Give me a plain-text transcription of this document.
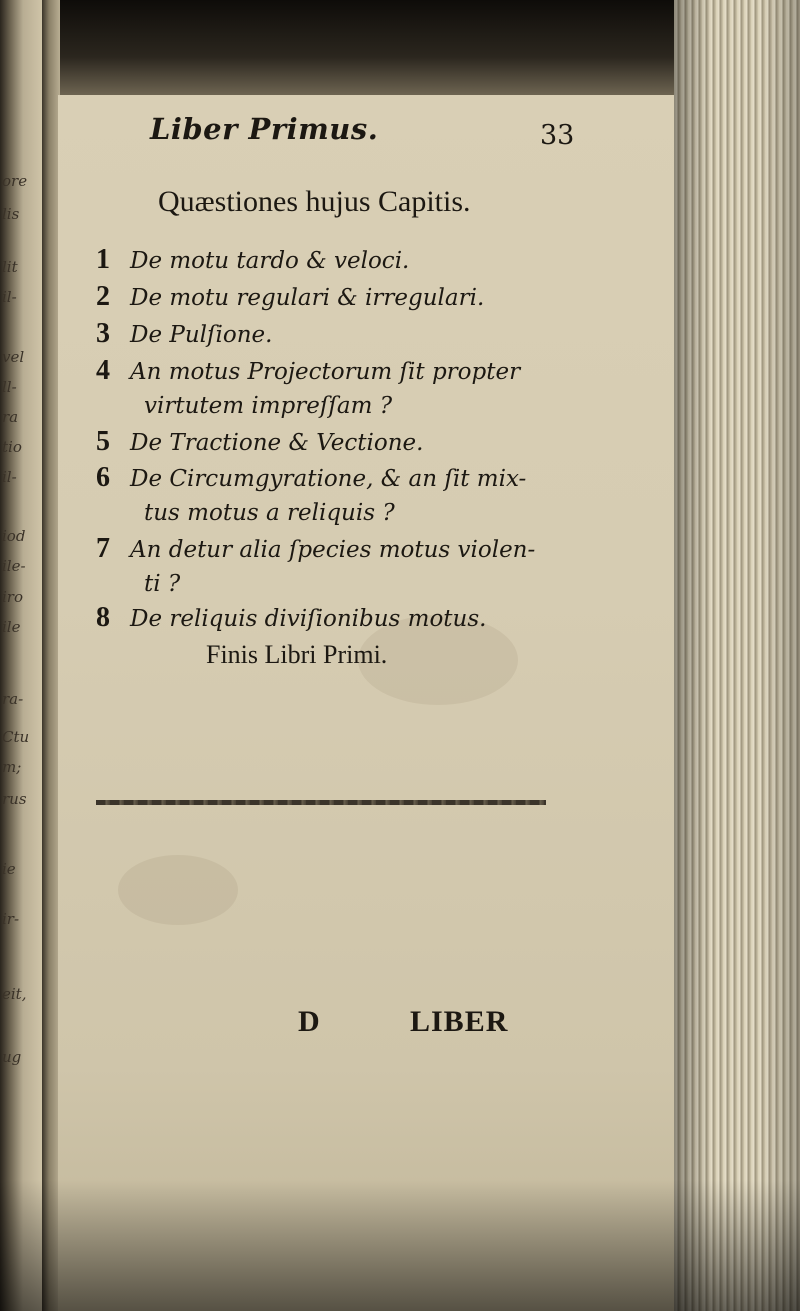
ore
lis
lit
il-
vel
ll-
ra
tio
il-
iod
ile-
iro
ile
ra-
Ctu
m;
rus
ie
ir-
eit,
ug
Liber Primus.	33
Quæstiones hujus Capitis.
1 De motu tardo & veloci.
2 De motu regulari & irregulari.
3 De Pulſione.
4 An motus Projectorum ſit propter
virtutem impreſſam ?
5 De Tractione & Vectione.
6 De Circumgyratione, & an ſit mix-
tus motus a reliquis ?
7 An detur alia ſpecies motus violen-
ti ?
8 De reliquis diviſionibus motus.
Finis Libri Primi.
D	LIBER
